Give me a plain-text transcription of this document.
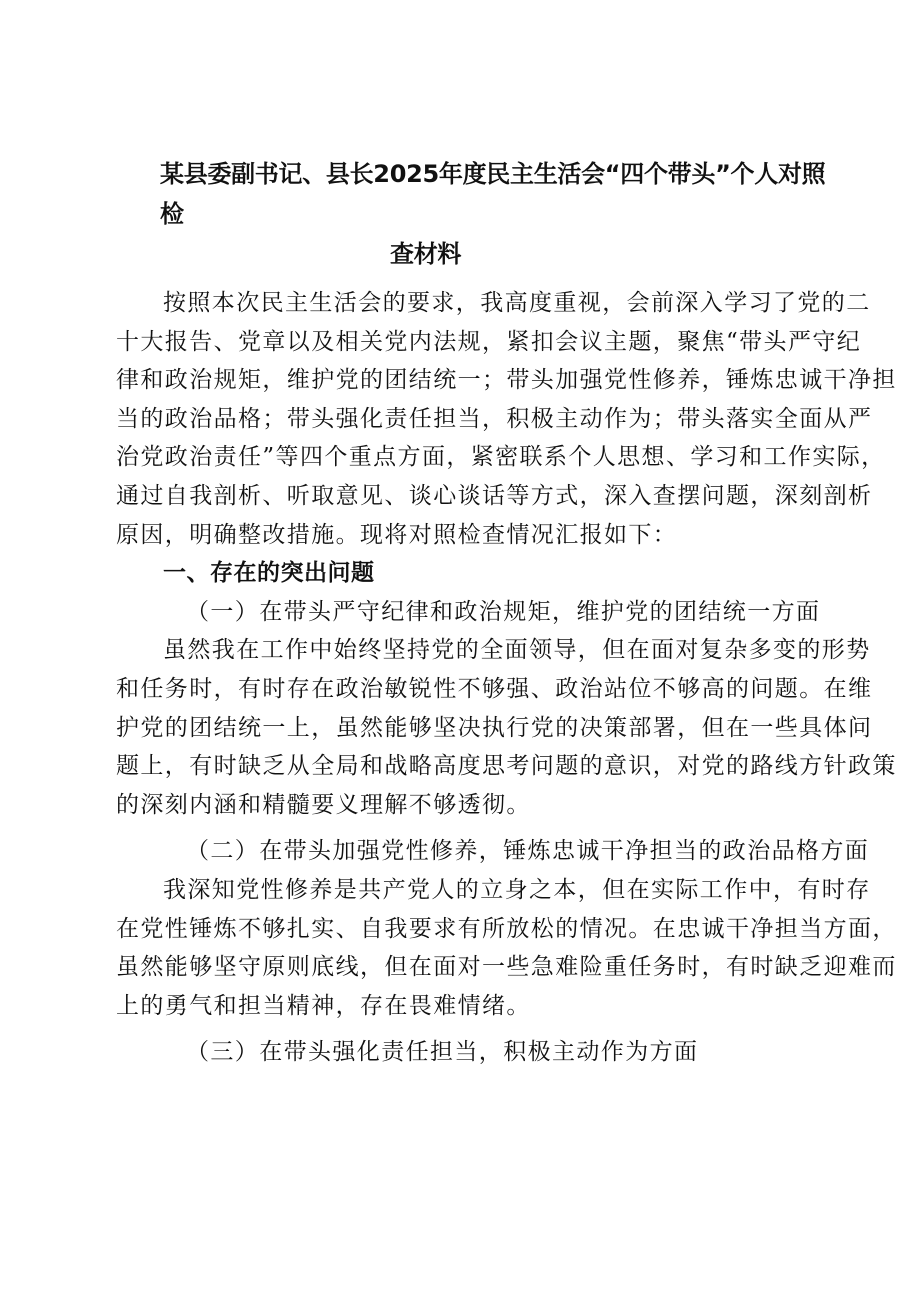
某县委副书记、县长2025年度民主生活会“四个带头”个人对照检
查材料
按照本次民主生活会的要求，我高度重视，会前深入学习了党的二
十大报告、党章以及相关党内法规，紧扣会议主题，聚焦“带头严守纪
律和政治规矩，维护党的团结统一；带头加强党性修养，锤炼忠诚干净担
当的政治品格；带头强化责任担当，积极主动作为；带头落实全面从严
治党政治责任”等四个重点方面，紧密联系个人思想、学习和工作实际，
通过自我剖析、听取意见、谈心谈话等方式，深入查摆问题，深刻剖析
原因，明确整改措施。现将对照检查情况汇报如下：
一、存在的突出问题
（一）在带头严守纪律和政治规矩，维护党的团结统一方面
虽然我在工作中始终坚持党的全面领导，但在面对复杂多变的形势
和任务时，有时存在政治敏锐性不够强、政治站位不够高的问题。在维
护党的团结统一上，虽然能够坚决执行党的决策部署，但在一些具体问
题上，有时缺乏从全局和战略高度思考问题的意识，对党的路线方针政策
的深刻内涵和精髓要义理解不够透彻。
（二）在带头加强党性修养，锤炼忠诚干净担当的政治品格方面
我深知党性修养是共产党人的立身之本，但在实际工作中，有时存
在党性锤炼不够扎实、自我要求有所放松的情况。在忠诚干净担当方面，
虽然能够坚守原则底线，但在面对一些急难险重任务时，有时缺乏迎难而
上的勇气和担当精神，存在畏难情绪。
（三）在带头强化责任担当，积极主动作为方面
